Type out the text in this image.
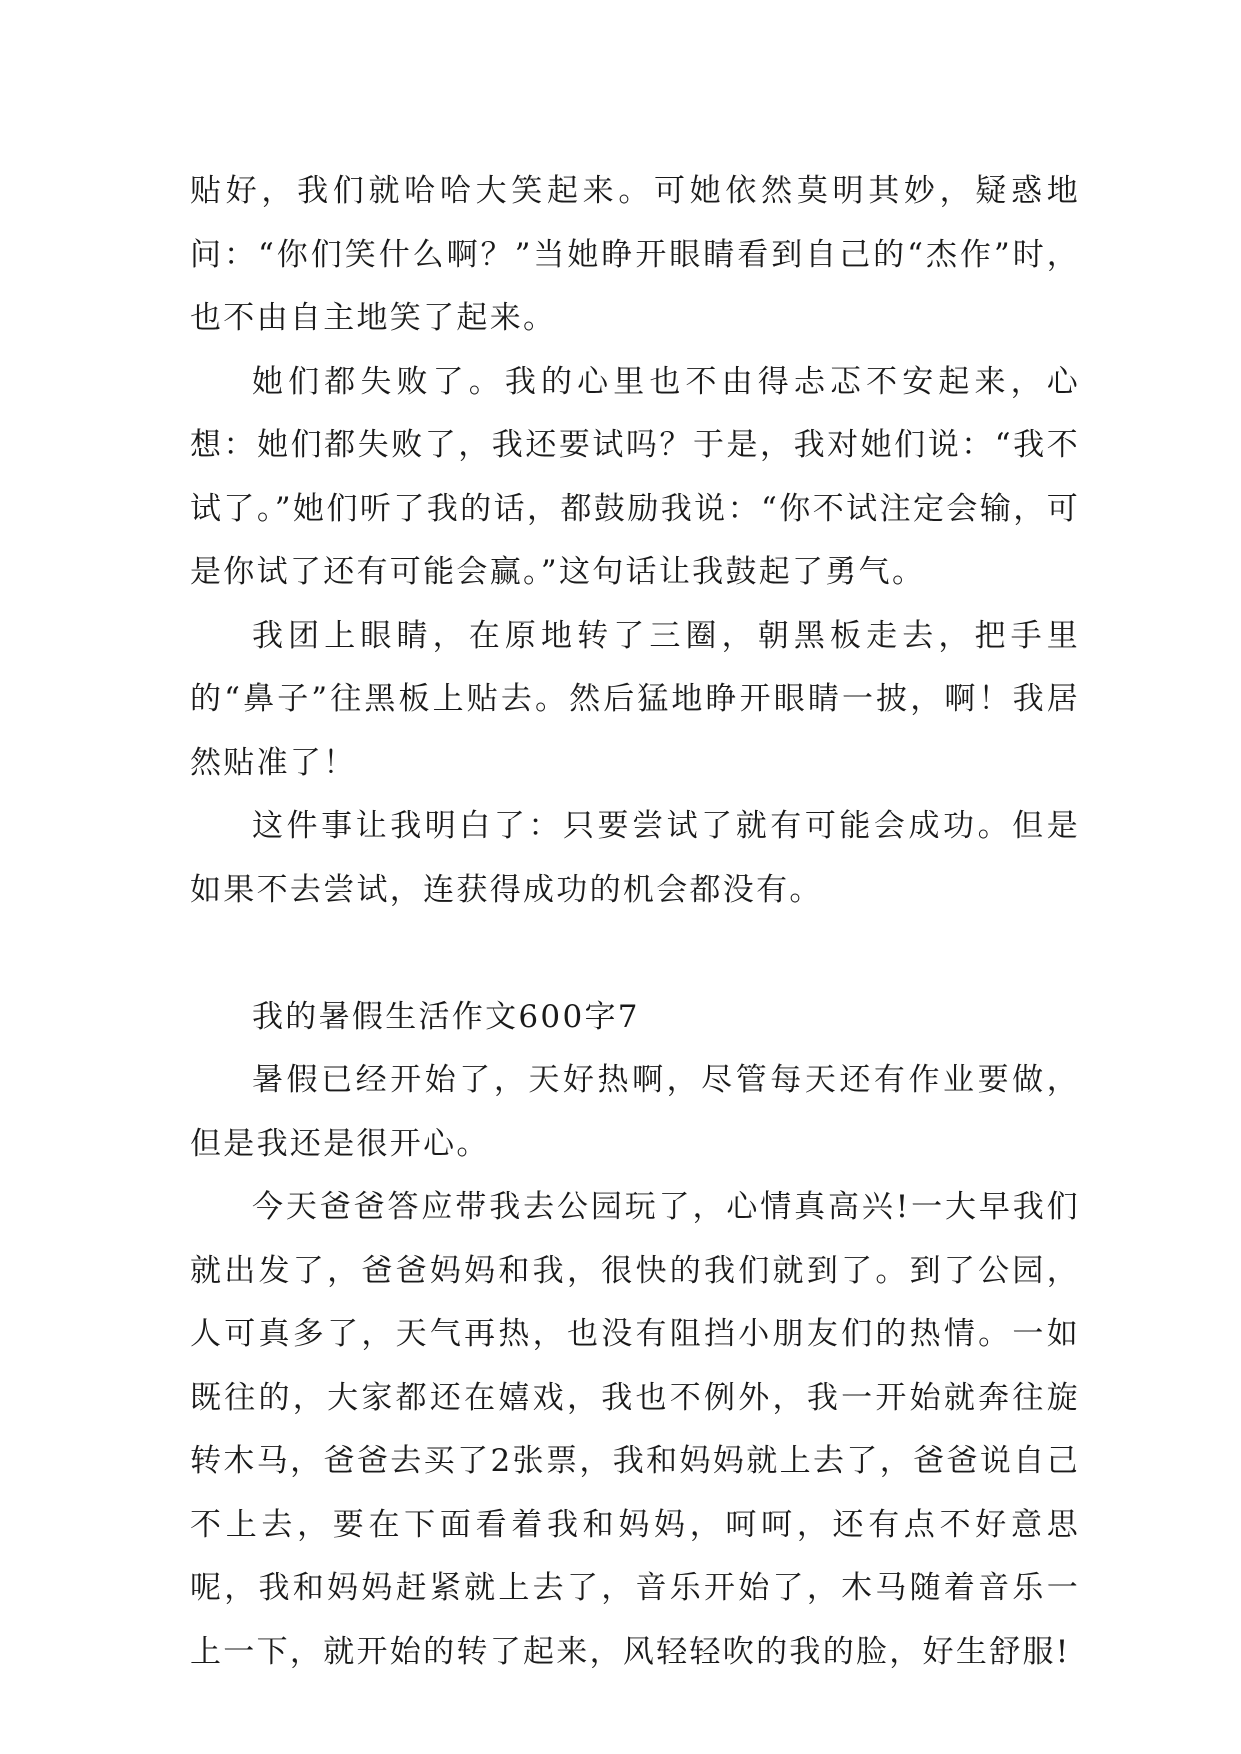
贴好，我们就哈哈大笑起来。可她依然莫明其妙，疑惑地问：“你们笑什么啊？”当她睁开眼睛看到自己的“杰作”时，也不由自主地笑了起来。

她们都失败了。我的心里也不由得忐忑不安起来，心想：她们都失败了，我还要试吗？于是，我对她们说：“我不试了。”她们听了我的话，都鼓励我说：“你不试注定会输，可是你试了还有可能会赢。”这句话让我鼓起了勇气。

我团上眼睛，在原地转了三圈，朝黑板走去，把手里的“鼻子”往黑板上贴去。然后猛地睁开眼睛一披，啊！我居然贴准了！

这件事让我明白了：只要尝试了就有可能会成功。但是如果不去尝试，连获得成功的机会都没有。

我的暑假生活作文600字7

暑假已经开始了，天好热啊，尽管每天还有作业要做，但是我还是很开心。

今天爸爸答应带我去公园玩了，心情真高兴!一大早我们就出发了，爸爸妈妈和我，很快的我们就到了。到了公园，人可真多了，天气再热，也没有阻挡小朋友们的热情。一如既往的，大家都还在嬉戏，我也不例外，我一开始就奔往旋转木马，爸爸去买了2张票，我和妈妈就上去了，爸爸说自己不上去，要在下面看着我和妈妈，呵呵，还有点不好意思呢，我和妈妈赶紧就上去了，音乐开始了，木马随着音乐一上一下，就开始的转了起来，风轻轻吹的我的脸，好生舒服!
